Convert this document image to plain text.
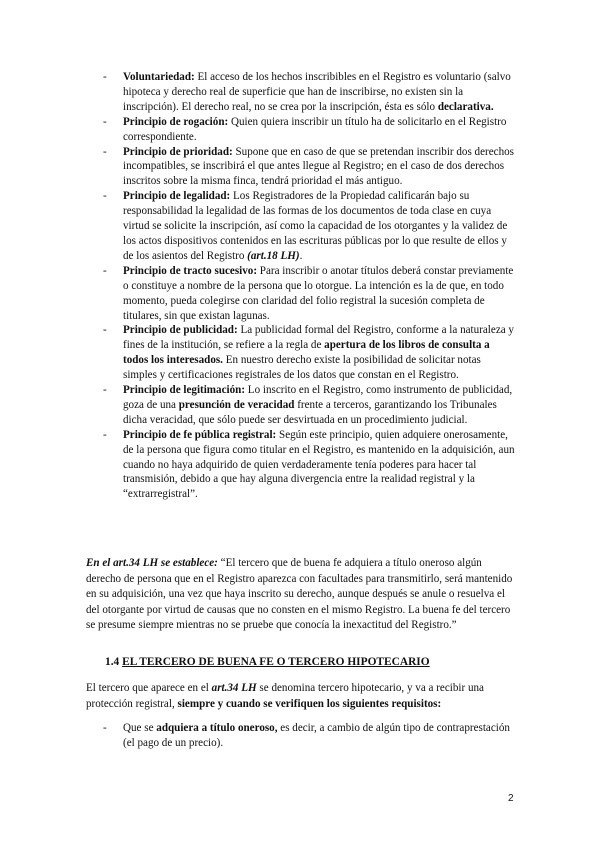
- Voluntariedad: El acceso de los hechos inscribibles en el Registro es voluntario (salvo hipoteca y derecho real de superficie que han de inscribirse, no existen sin la inscripción). El derecho real, no se crea por la inscripción, ésta es sólo declarativa.
- Principio de rogación: Quien quiera inscribir un título ha de solicitarlo en el Registro correspondiente.
- Principio de prioridad: Supone que en caso de que se pretendan inscribir dos derechos incompatibles, se inscribirá el que antes llegue al Registro; en el caso de dos derechos inscritos sobre la misma finca, tendrá prioridad el más antiguo.
- Principio de legalidad: Los Registradores de la Propiedad calificarán bajo su responsabilidad la legalidad de las formas de los documentos de toda clase en cuya virtud se solicite la inscripción, así como la capacidad de los otorgantes y la validez de los actos dispositivos contenidos en las escrituras públicas por lo que resulte de ellos y de los asientos del Registro (art.18 LH).
- Principio de tracto sucesivo: Para inscribir o anotar títulos deberá constar previamente o constituye a nombre de la persona que lo otorgue. La intención es la de que, en todo momento, pueda colegirse con claridad del folio registral la sucesión completa de titulares, sin que existan lagunas.
- Principio de publicidad: La publicidad formal del Registro, conforme a la naturaleza y fines de la institución, se refiere a la regla de apertura de los libros de consulta a todos los interesados. En nuestro derecho existe la posibilidad de solicitar notas simples y certificaciones registrales de los datos que constan en el Registro.
- Principio de legitimación: Lo inscrito en el Registro, como instrumento de publicidad, goza de una presunción de veracidad frente a terceros, garantizando los Tribunales dicha veracidad, que sólo puede ser desvirtuada en un procedimiento judicial.
- Principio de fe pública registral: Según este principio, quien adquiere onerosamente, de la persona que figura como titular en el Registro, es mantenido en la adquisición, aun cuando no haya adquirido de quien verdaderamente tenía poderes para hacer tal transmisión, debido a que hay alguna divergencia entre la realidad registral y la “extrarregistral”.
En el art.34 LH se establece: “El tercero que de buena fe adquiera a título oneroso algún derecho de persona que en el Registro aparezca con facultades para transmitirlo, será mantenido en su adquisición, una vez que haya inscrito su derecho, aunque después se anule o resuelva el del otorgante por virtud de causas que no consten en el mismo Registro. La buena fe del tercero se presume siempre mientras no se pruebe que conocía la inexactitud del Registro.”
1.4 EL TERCERO DE BUENA FE O TERCERO HIPOTECARIO
El tercero que aparece en el art.34 LH se denomina tercero hipotecario, y va a recibir una protección registral, siempre y cuando se verifiquen los siguientes requisitos:
- Que se adquiera a título oneroso, es decir, a cambio de algún tipo de contraprestación (el pago de un precio).
2
